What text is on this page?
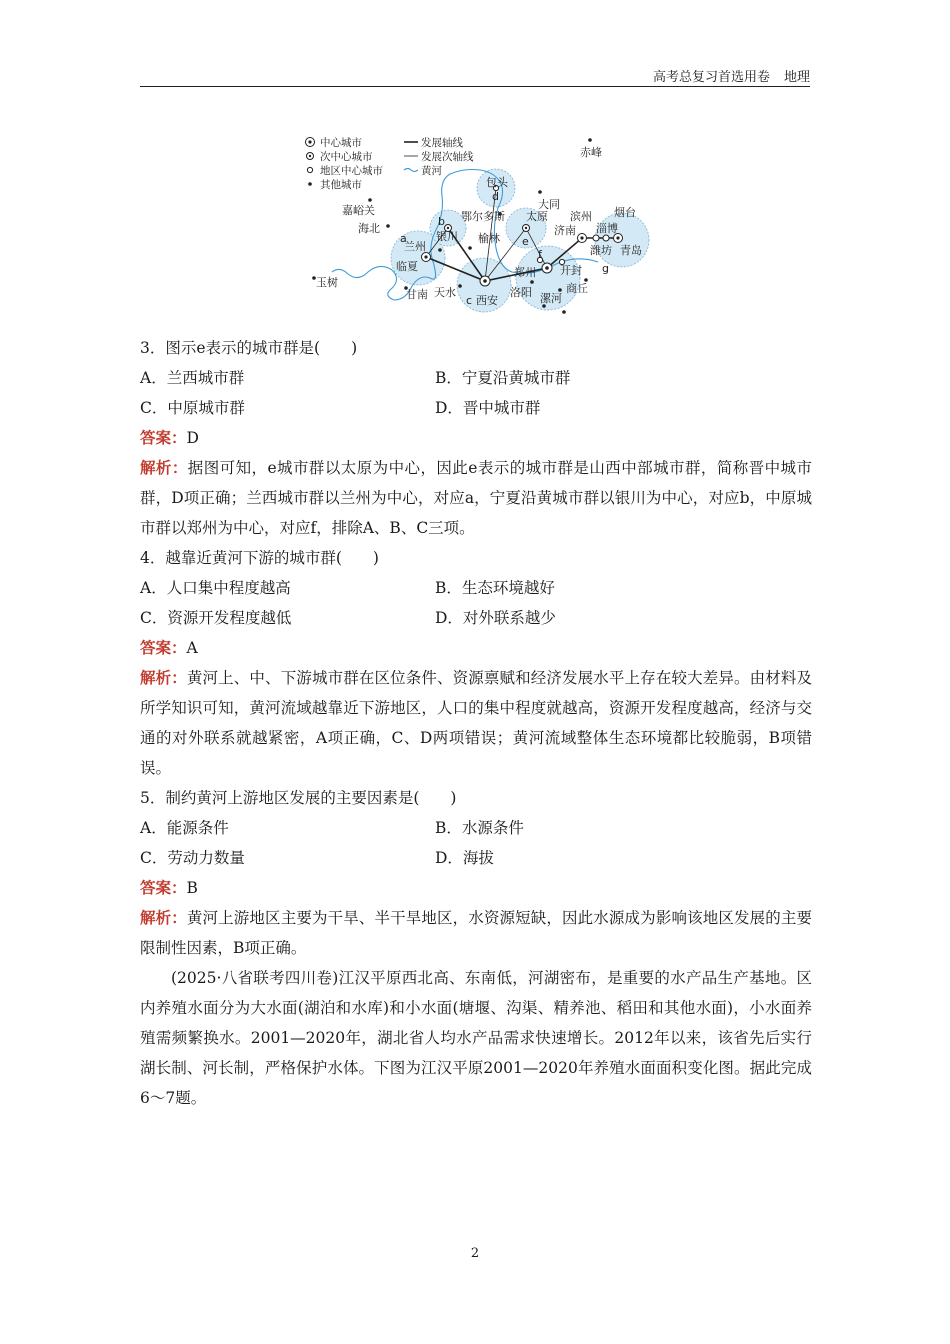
高考总复习首选用卷 地理
中心城市
次中心城市
地区中心城市
其他城市
发展轴线
发展次轴线
黄河
赤峰
包头
d
大同
嘉峪关
海北
鄂尔多斯 太原 滨州 烟台
b
银川 榆林 e
济南 淄博
潍坊 青岛
a
兰州
临夏
f
郑州 开封 g
玉树
甘南 天水
c 西安
洛阳 漯河
商丘

3．图示e表示的城市群是(　　)

A．兰西城市群	B．宁夏沿黄城市群
C．中原城市群	D．晋中城市群

答案：D

解析：据图可知，e城市群以太原为中心，因此e表示的城市群是山西中部城市群，简称晋中城市群，D项正确；兰西城市群以兰州为中心，对应a，宁夏沿黄城市群以银川为中心，对应b，中原城市群以郑州为中心，对应f，排除A、B、C三项。

4．越靠近黄河下游的城市群(　　)

A．人口集中程度越高	B．生态环境越好
C．资源开发程度越低	D．对外联系越少

答案：A

解析：黄河上、中、下游城市群在区位条件、资源禀赋和经济发展水平上存在较大差异。由材料及所学知识可知，黄河流域越靠近下游地区，人口的集中程度就越高，资源开发程度越高，经济与交通的对外联系就越紧密，A项正确，C、D两项错误；黄河流域整体生态环境都比较脆弱，B项错误。

5．制约黄河上游地区发展的主要因素是(　　)

A．能源条件	B．水源条件
C．劳动力数量	D．海拔

答案：B

解析：黄河上游地区主要为干旱、半干旱地区，水资源短缺，因此水源成为影响该地区发展的主要限制性因素，B项正确。

(2025·八省联考四川卷)江汉平原西北高、东南低，河湖密布，是重要的水产品生产基地。区内养殖水面分为大水面(湖泊和水库)和小水面(塘堰、沟渠、精养池、稻田和其他水面)，小水面养殖需频繁换水。2001—2020年，湖北省人均水产品需求快速增长。2012年以来，该省先后实行湖长制、河长制，严格保护水体。下图为江汉平原2001—2020年养殖水面面积变化图。据此完成6～7题。

2
